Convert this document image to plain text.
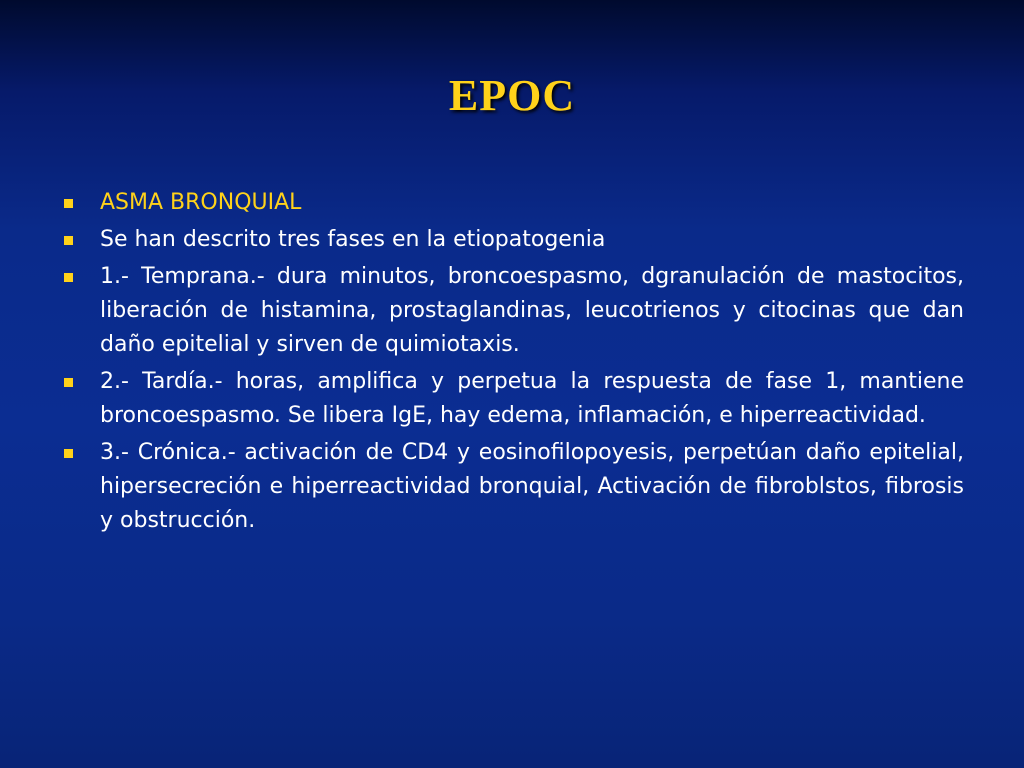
EPOC
ASMA BRONQUIAL
Se han descrito tres fases en la etiopatogenia
1.- Temprana.- dura minutos, broncoespasmo, dgranulación de mastocitos, liberación de histamina, prostaglandinas, leucotrienos y citocinas que dan daño epitelial y sirven de quimiotaxis.
2.- Tardía.- horas, amplifica y perpetua la respuesta de fase 1, mantiene broncoespasmo. Se libera IgE, hay edema, inflamación, e hiperreactividad.
3.- Crónica.- activación de CD4 y eosinofilopoyesis, perpetúan daño epitelial, hipersecreción e hiperreactividad bronquial, Activación de fibroblstos, fibrosis y obstrucción.
